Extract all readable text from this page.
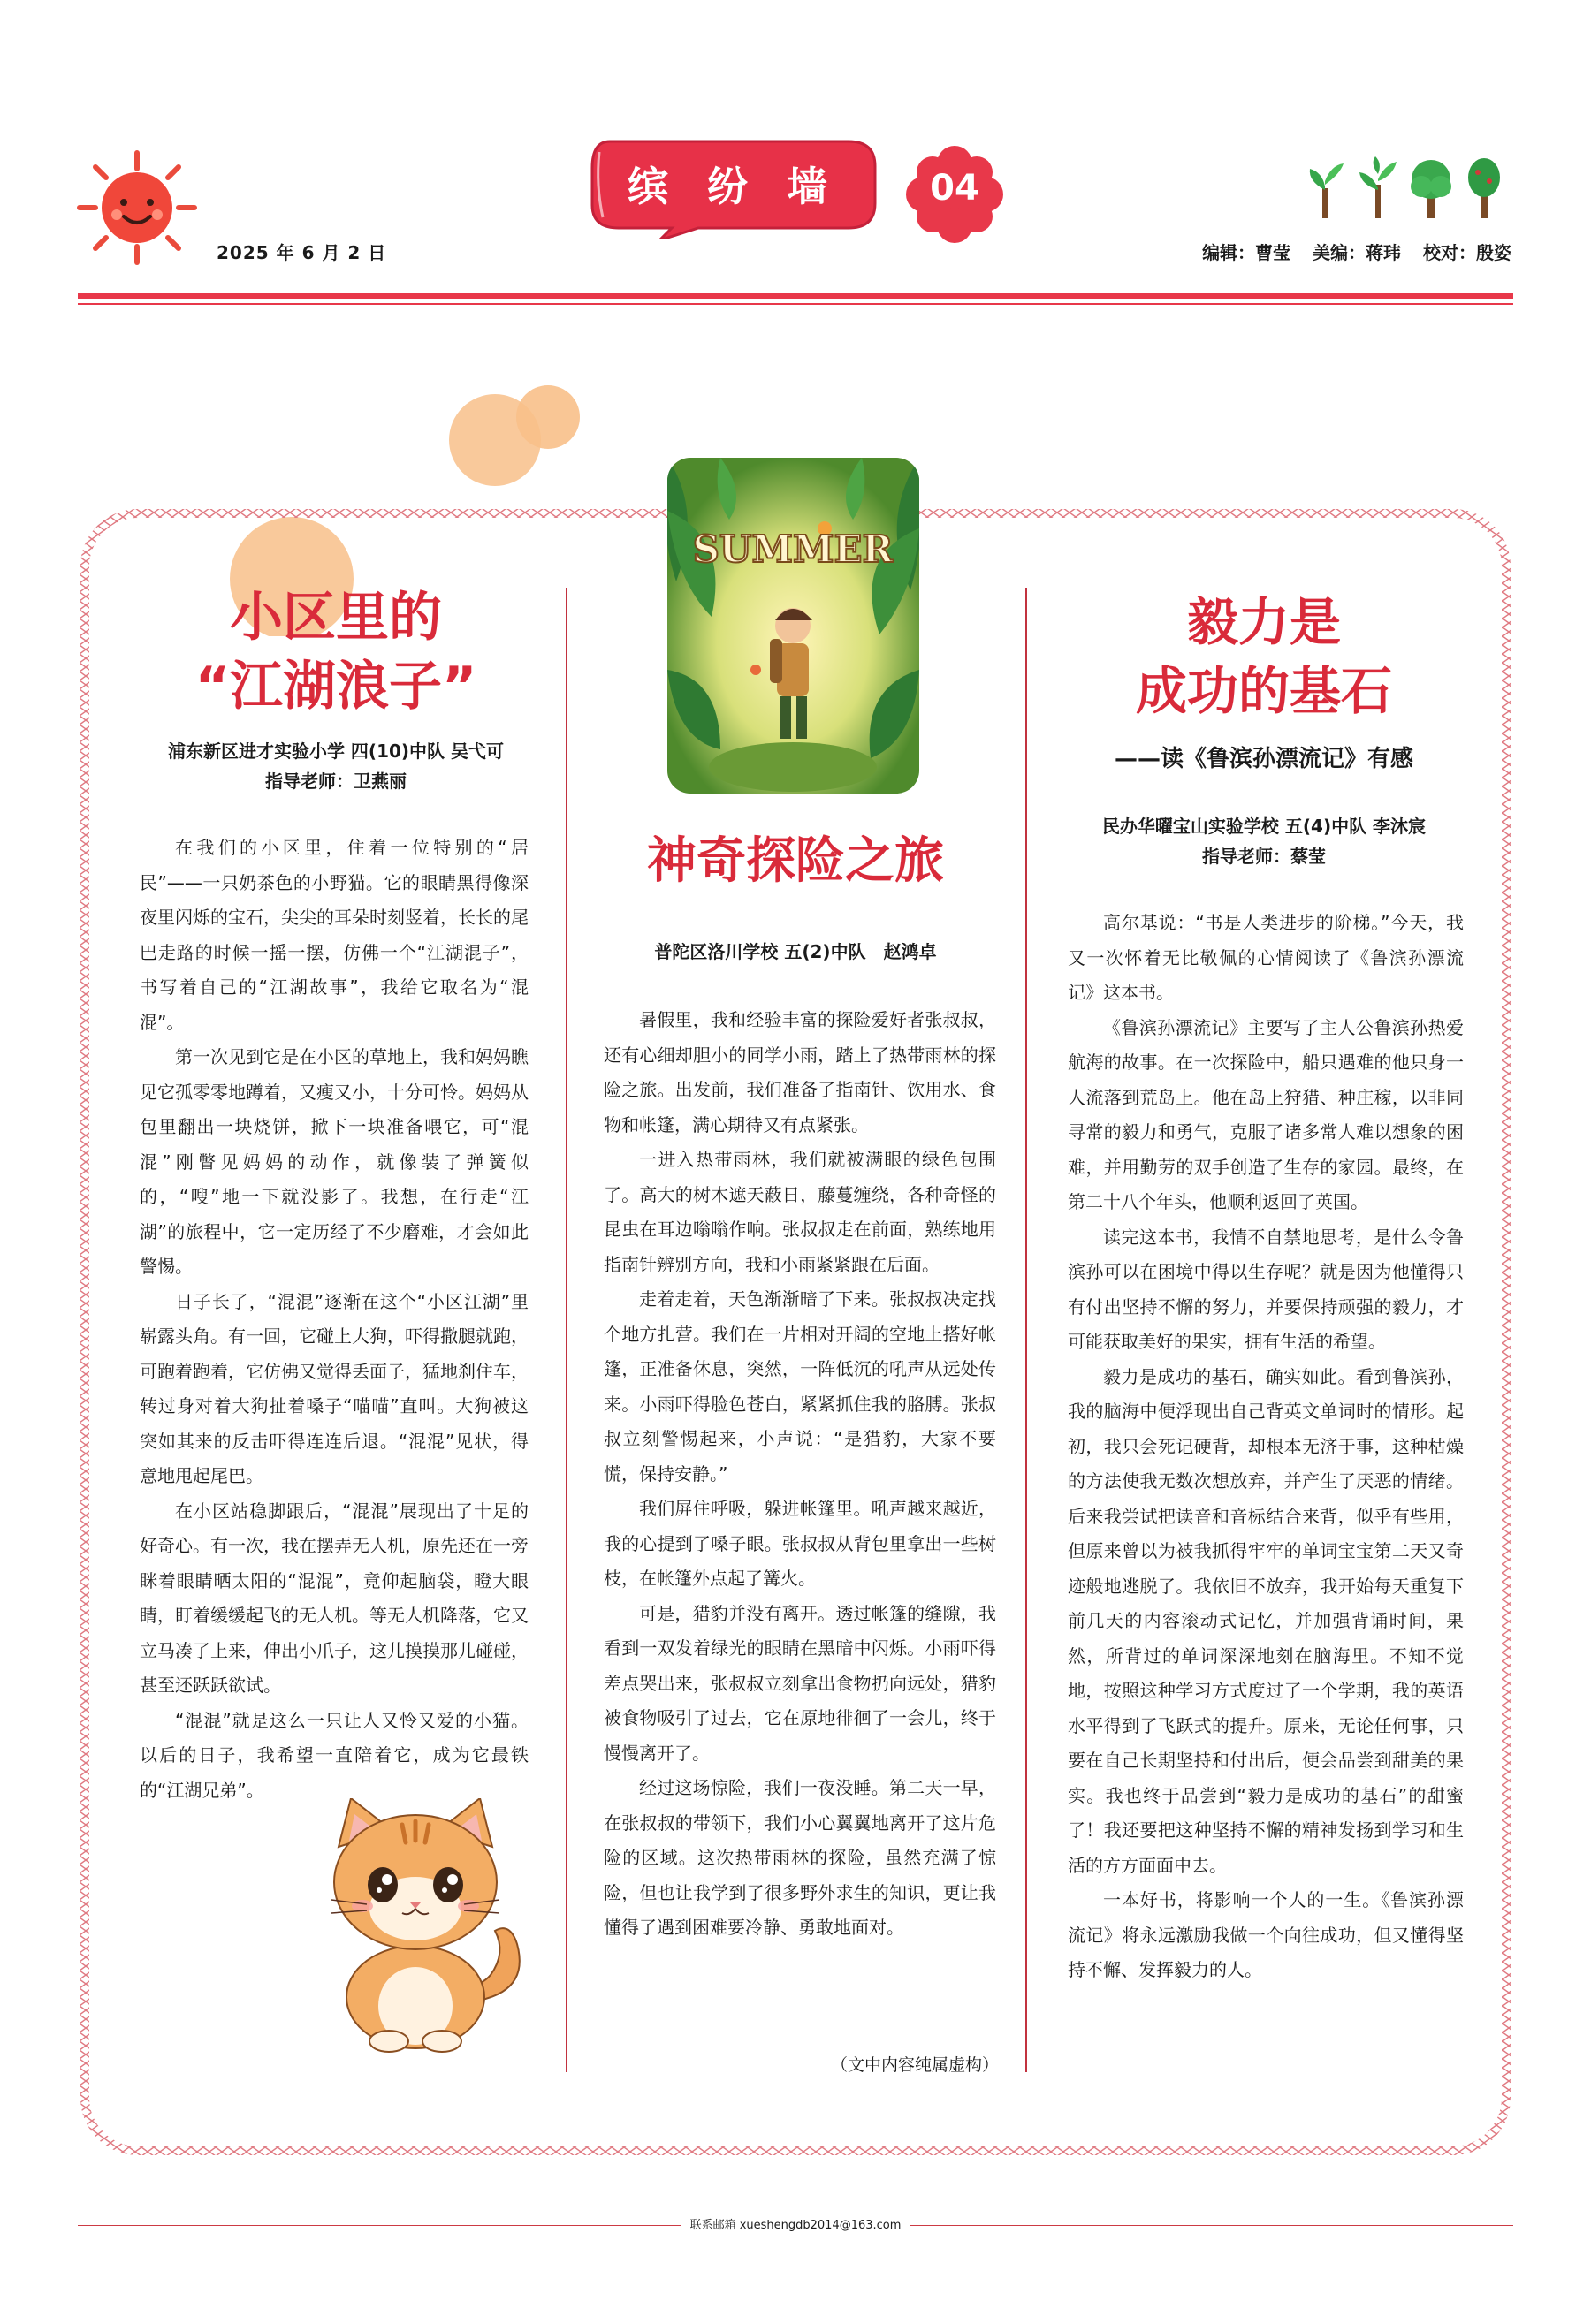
2025 年 6 月 2 日
缤 纷 墙	04
编辑：曹莹 美编：蒋玮 校对：殷姿
小区里的
“江湖浪子”
浦东新区进才实验小学 四(10)中队 吴弋可
指导老师：卫燕丽

在我们的小区里，住着一位特别的“居民”——一只奶茶色的小野猫。它的眼睛黑得像深夜里闪烁的宝石，尖尖的耳朵时刻竖着，长长的尾巴走路的时候一摇一摆，仿佛一个“江湖混子”，书写着自己的“江湖故事”，我给它取名为“混混”。

第一次见到它是在小区的草地上，我和妈妈瞧见它孤零零地蹲着，又瘦又小，十分可怜。妈妈从包里翻出一块烧饼，掀下一块准备喂它，可“混混”刚瞥见妈妈的动作，就像装了弹簧似的，“嗖”地一下就没影了。我想，在行走“江湖”的旅程中，它一定历经了不少磨难，才会如此警惕。

日子长了，“混混”逐渐在这个“小区江湖”里崭露头角。有一回，它碰上大狗，吓得撒腿就跑，可跑着跑着，它仿佛又觉得丢面子，猛地刹住车，转过身对着大狗扯着嗓子“喵喵”直叫。大狗被这突如其来的反击吓得连连后退。“混混”见状，得意地甩起尾巴。

在小区站稳脚跟后，“混混”展现出了十足的好奇心。有一次，我在摆弄无人机，原先还在一旁眯着眼睛晒太阳的“混混”，竟仰起脑袋，瞪大眼睛，盯着缓缓起飞的无人机。等无人机降落，它又立马凑了上来，伸出小爪子，这儿摸摸那儿碰碰，甚至还跃跃欲试。

“混混”就是这么一只让人又怜又爱的小猫。以后的日子，我希望一直陪着它，成为它最铁的“江湖兄弟”。

SUMMER
神奇探险之旅
普陀区洛川学校 五(2)中队　赵鸿卓

暑假里，我和经验丰富的探险爱好者张叔叔，还有心细却胆小的同学小雨，踏上了热带雨林的探险之旅。出发前，我们准备了指南针、饮用水、食物和帐篷，满心期待又有点紧张。

一进入热带雨林，我们就被满眼的绿色包围了。高大的树木遮天蔽日，藤蔓缠绕，各种奇怪的昆虫在耳边嗡嗡作响。张叔叔走在前面，熟练地用指南针辨别方向，我和小雨紧紧跟在后面。

走着走着，天色渐渐暗了下来。张叔叔决定找个地方扎营。我们在一片相对开阔的空地上搭好帐篷，正准备休息，突然，一阵低沉的吼声从远处传来。小雨吓得脸色苍白，紧紧抓住我的胳膊。张叔叔立刻警惕起来，小声说：“是猎豹，大家不要慌，保持安静。”

我们屏住呼吸，躲进帐篷里。吼声越来越近，我的心提到了嗓子眼。张叔叔从背包里拿出一些树枝，在帐篷外点起了篝火。

可是，猎豹并没有离开。透过帐篷的缝隙，我看到一双发着绿光的眼睛在黑暗中闪烁。小雨吓得差点哭出来，张叔叔立刻拿出食物扔向远处，猎豹被食物吸引了过去，它在原地徘徊了一会儿，终于慢慢离开了。

经过这场惊险，我们一夜没睡。第二天一早，在张叔叔的带领下，我们小心翼翼地离开了这片危险的区域。这次热带雨林的探险，虽然充满了惊险，但也让我学到了很多野外求生的知识，更让我懂得了遇到困难要冷静、勇敢地面对。

（文中内容纯属虚构）
毅力是
成功的基石
——读《鲁滨孙漂流记》有感
民办华曜宝山实验学校 五(4)中队 李沐宸
指导老师：蔡莹

高尔基说：“书是人类进步的阶梯。”今天，我又一次怀着无比敬佩的心情阅读了《鲁滨孙漂流记》这本书。

《鲁滨孙漂流记》主要写了主人公鲁滨孙热爱航海的故事。在一次探险中，船只遇难的他只身一人流落到荒岛上。他在岛上狩猎、种庄稼，以非同寻常的毅力和勇气，克服了诸多常人难以想象的困难，并用勤劳的双手创造了生存的家园。最终，在第二十八个年头，他顺利返回了英国。

读完这本书，我情不自禁地思考，是什么令鲁滨孙可以在困境中得以生存呢？就是因为他懂得只有付出坚持不懈的努力，并要保持顽强的毅力，才可能获取美好的果实，拥有生活的希望。

毅力是成功的基石，确实如此。看到鲁滨孙，我的脑海中便浮现出自己背英文单词时的情形。起初，我只会死记硬背，却根本无济于事，这种枯燥的方法使我无数次想放弃，并产生了厌恶的情绪。后来我尝试把读音和音标结合来背，似乎有些用，但原来曾以为被我抓得牢牢的单词宝宝第二天又奇迹般地逃脱了。我依旧不放弃，我开始每天重复下前几天的内容滚动式记忆，并加强背诵时间，果然，所背过的单词深深地刻在脑海里。不知不觉地，按照这种学习方式度过了一个学期，我的英语水平得到了飞跃式的提升。原来，无论任何事，只要在自己长期坚持和付出后，便会品尝到甜美的果实。我也终于品尝到“毅力是成功的基石”的甜蜜了！我还要把这种坚持不懈的精神发扬到学习和生活的方方面面中去。

一本好书，将影响一个人的一生。《鲁滨孙漂流记》将永远激励我做一个向往成功，但又懂得坚持不懈、发挥毅力的人。

联系邮箱 xueshengdb2014@163.com
